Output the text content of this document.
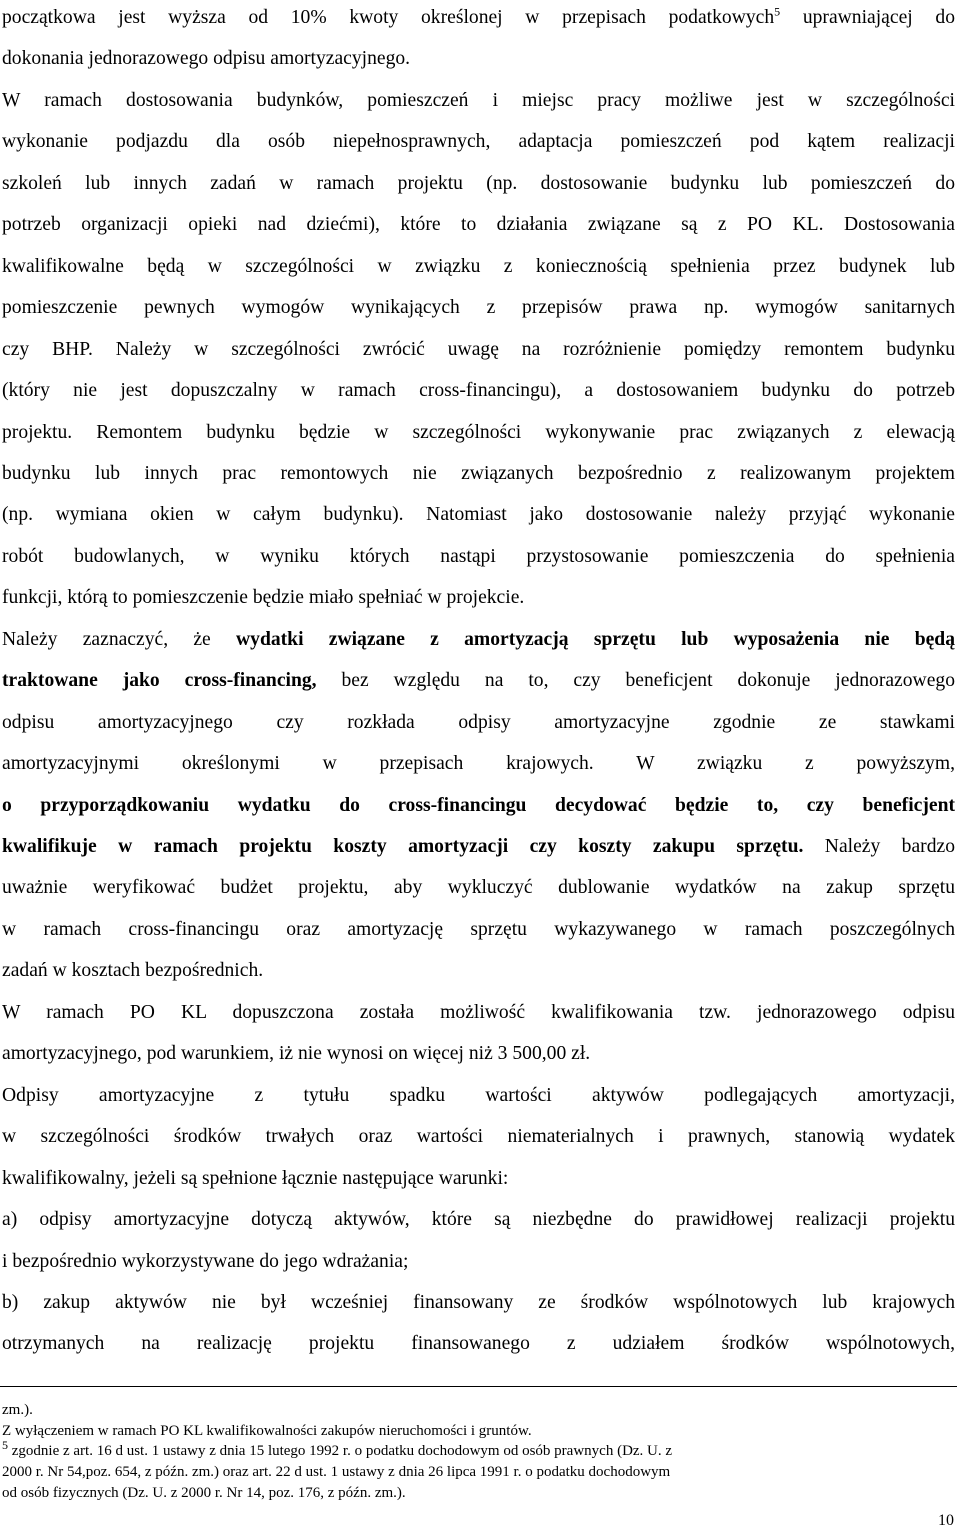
początkowa jest wyższa od 10% kwoty określonej w przepisach podatkowych$^5$ uprawniającej do
dokonania jednorazowego odpisu amortyzacyjnego.
W ramach dostosowania budynków, pomieszczeń i miejsc pracy możliwe jest w szczególności
wykonanie podjazdu dla osób niepełnosprawnych, adaptacja pomieszczeń pod kątem realizacji
szkoleń lub innych zadań w ramach projektu (np. dostosowanie budynku lub pomieszczeń do
potrzeb organizacji opieki nad dziećmi), które to działania związane są z PO KL. Dostosowania
kwalifikowalne będą w szczególności w związku z koniecznością spełnienia przez budynek lub
pomieszczenie pewnych wymogów wynikających z przepisów prawa np. wymogów sanitarnych
czy BHP. Należy w szczególności zwrócić uwagę na rozróżnienie pomiędzy remontem budynku
(który nie jest dopuszczalny w ramach cross-financingu), a dostosowaniem budynku do potrzeb
projektu. Remontem budynku będzie w szczególności wykonywanie prac związanych z elewacją
budynku lub innych prac remontowych nie związanych bezpośrednio z realizowanym projektem
(np. wymiana okien w całym budynku). Natomiast jako dostosowanie należy przyjąć wykonanie
robót budowlanych, w wyniku których nastąpi przystosowanie pomieszczenia do spełnienia
funkcji, którą to pomieszczenie będzie miało spełniać w projekcie.
Należy zaznaczyć, że wydatki związane z amortyzacją sprzętu lub wyposażenia nie będą
traktowane jako cross-financing, bez względu na to, czy beneficjent dokonuje jednorazowego
odpisu amortyzacyjnego czy rozkłada odpisy amortyzacyjne zgodnie ze stawkami
amortyzacyjnymi określonymi w przepisach krajowych. W związku z powyższym,
o przyporządkowaniu wydatku do cross-financingu decydować będzie to, czy beneficjent
kwalifikuje w ramach projektu koszty amortyzacji czy koszty zakupu sprzętu. Należy bardzo
uważnie weryfikować budżet projektu, aby wykluczyć dublowanie wydatków na zakup sprzętu
w ramach cross-financingu oraz amortyzację sprzętu wykazywanego w ramach poszczególnych
zadań w kosztach bezpośrednich.
W ramach PO KL dopuszczona została możliwość kwalifikowania tzw. jednorazowego odpisu
amortyzacyjnego, pod warunkiem, iż nie wynosi on więcej niż 3 500,00 zł.
Odpisy amortyzacyjne z tytułu spadku wartości aktywów podlegających amortyzacji,
w szczególności środków trwałych oraz wartości niematerialnych i prawnych, stanowią wydatek
kwalifikowalny, jeżeli są spełnione łącznie następujące warunki:
a) odpisy amortyzacyjne dotyczą aktywów, które są niezbędne do prawidłowej realizacji projektu
i bezpośrednio wykorzystywane do jego wdrażania;
b) zakup aktywów nie był wcześniej finansowany ze środków wspólnotowych lub krajowych
otrzymanych na realizację projektu finansowanego z udziałem środków wspólnotowych,
zm.).
Z wyłączeniem w ramach PO KL kwalifikowalności zakupów nieruchomości i gruntów.
$^5$ zgodnie z art. 16 d ust. 1 ustawy z dnia 15 lutego 1992 r. o podatku dochodowym od osób prawnych (Dz. U. z
2000 r. Nr 54,poz. 654, z późn. zm.) oraz art. 22 d ust. 1 ustawy z dnia 26 lipca 1991 r. o podatku dochodowym
od osób fizycznych (Dz. U. z 2000 r. Nr 14, poz. 176, z późn. zm.).
10
